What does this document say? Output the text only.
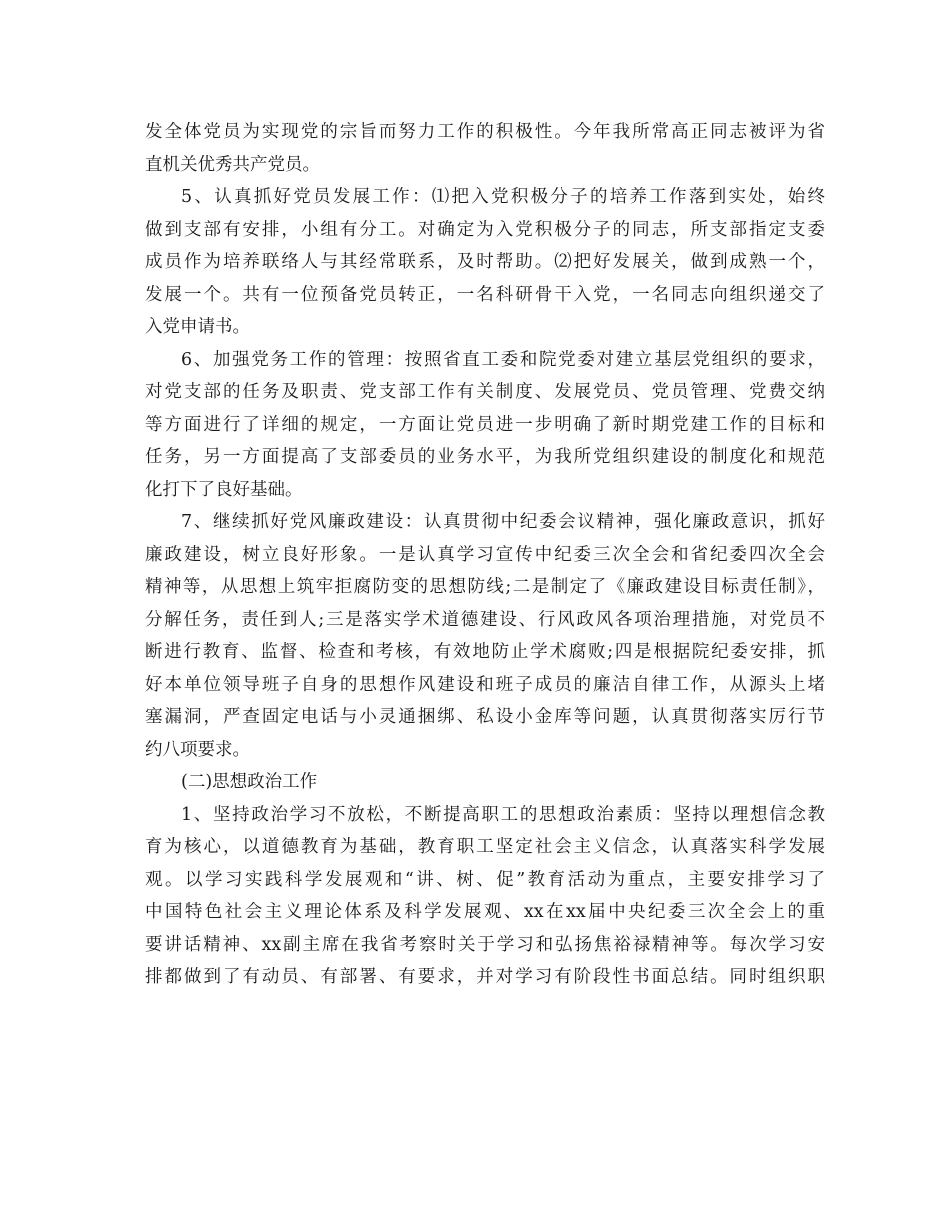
发全体党员为实现党的宗旨而努力工作的积极性。今年我所常高正同志被评为省
直机关优秀共产党员。
5、认真抓好党员发展工作：⑴把入党积极分子的培养工作落到实处，始终
做到支部有安排，小组有分工。对确定为入党积极分子的同志，所支部指定支委
成员作为培养联络人与其经常联系，及时帮助。⑵把好发展关，做到成熟一个，
发展一个。共有一位预备党员转正，一名科研骨干入党，一名同志向组织递交了
入党申请书。
6、加强党务工作的管理：按照省直工委和院党委对建立基层党组织的要求，
对党支部的任务及职责、党支部工作有关制度、发展党员、党员管理、党费交纳
等方面进行了详细的规定，一方面让党员进一步明确了新时期党建工作的目标和
任务，另一方面提高了支部委员的业务水平，为我所党组织建设的制度化和规范
化打下了良好基础。
7、继续抓好党风廉政建设：认真贯彻中纪委会议精神，强化廉政意识，抓好
廉政建设，树立良好形象。一是认真学习宣传中纪委三次全会和省纪委四次全会
精神等，从思想上筑牢拒腐防变的思想防线;二是制定了《廉政建设目标责任制》，
分解任务，责任到人;三是落实学术道德建设、行风政风各项治理措施，对党员不
断进行教育、监督、检查和考核，有效地防止学术腐败;四是根据院纪委安排，抓
好本单位领导班子自身的思想作风建设和班子成员的廉洁自律工作，从源头上堵
塞漏洞，严查固定电话与小灵通捆绑、私设小金库等问题，认真贯彻落实厉行节
约八项要求。
(二)思想政治工作
1、坚持政治学习不放松，不断提高职工的思想政治素质：坚持以理想信念教
育为核心，以道德教育为基础，教育职工坚定社会主义信念，认真落实科学发展
观。以学习实践科学发展观和“讲、树、促”教育活动为重点，主要安排学习了
中国特色社会主义理论体系及科学发展观、xx在xx届中央纪委三次全会上的重
要讲话精神、xx副主席在我省考察时关于学习和弘扬焦裕禄精神等。每次学习安
排都做到了有动员、有部署、有要求，并对学习有阶段性书面总结。同时组织职
